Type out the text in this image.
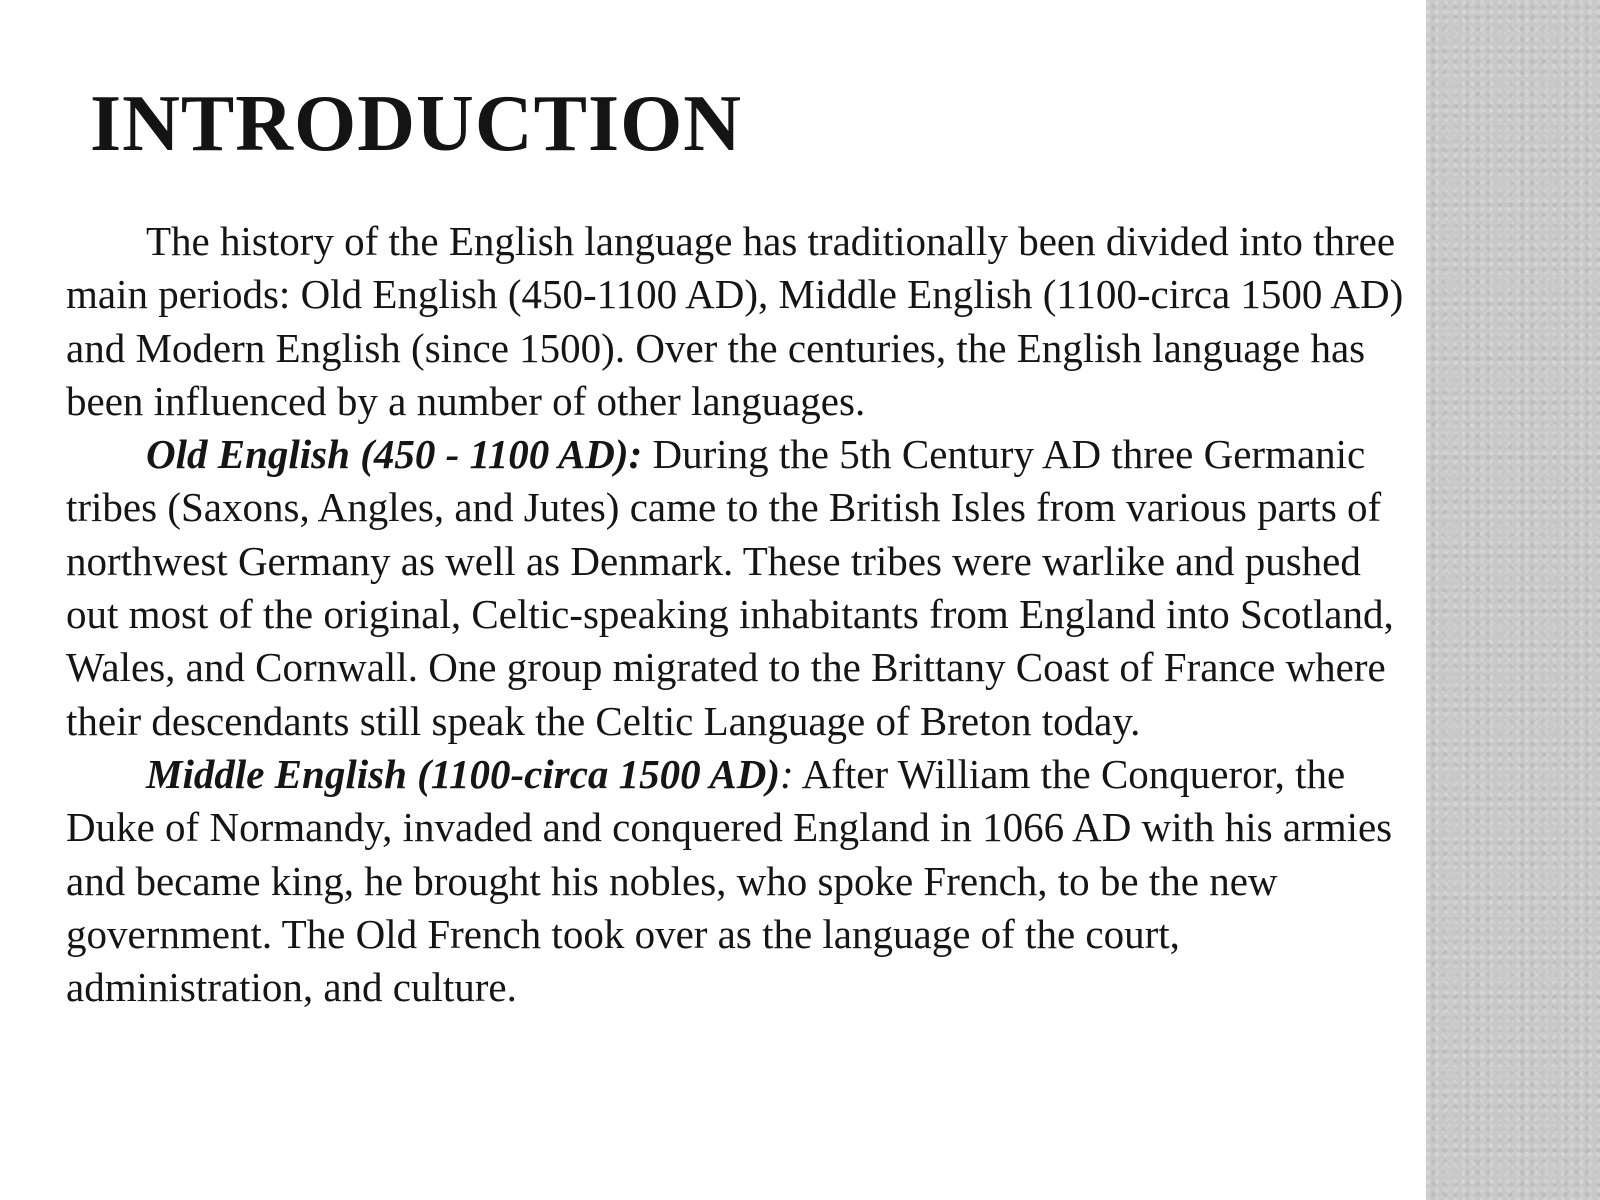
INTRODUCTION

The history of the English language has traditionally been divided into three main periods: Old English (450-1100 AD), Middle English (1100-circa 1500 AD) and Modern English (since 1500). Over the centuries, the English language has been influenced by a number of other languages.

Old English (450 - 1100 AD): During the 5th Century AD three Germanic tribes (Saxons, Angles, and Jutes) came to the British Isles from various parts of northwest Germany as well as Denmark. These tribes were warlike and pushed out most of the original, Celtic-speaking inhabitants from England into Scotland, Wales, and Cornwall. One group migrated to the Brittany Coast of France where their descendants still speak the Celtic Language of Breton today.

Middle English (1100-circa 1500 AD): After William the Conqueror, the Duke of Normandy, invaded and conquered England in 1066 AD with his armies and became king, he brought his nobles, who spoke French, to be the new government. The Old French took over as the language of the court, administration, and culture.
